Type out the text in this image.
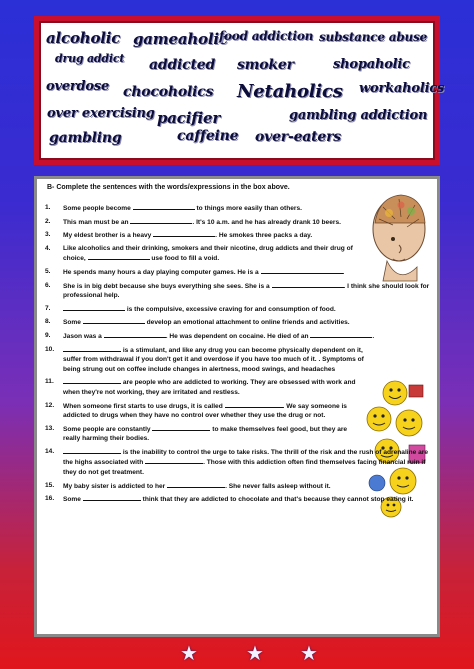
alcoholic gameaholic
food addiction substance abuse
drug addict addicted smoker	shopaholic
overdose chocoholics Netaholics workaholics
over exercising pacifier	gambling addiction
gambling	caffeine over-eaters
B- Complete the sentences with the words/expressions in the box above.
1. Some people become	to things more easily than others.
2. This man must be an	. It's 10 a.m. and he has already drank 10 beers.
3. My eldest brother is a heavy	. He smokes three packs a day.
4. Like alcoholics and their drinking, smokers and their nicotine, drug addicts and their drug of choice,	use food to fill a void.
5. He spends many hours a day playing computer games. He is a	.
6. She is in big debt because she buys everything she sees. She is a	. I think she should look for professional help.
7.	is the compulsive, excessive craving for and consumption of food.
8. Some	develop an emotional attachment to online friends and activities.
9. Jason was a	. He was dependent on cocaine. He died of an	.
10.	is a stimulant, and like any drug you can become physically dependent on it, suffer from withdrawal if you don't get it and overdose if you have too much of it. . Symptoms of being strung out on coffee include changes in alertness, mood swings, and headaches
11.	are people who are addicted to working. They are obsessed with work and when they're not working, they are irritated and restless.
12. When someone first starts to use drugs, it is called	. We say someone is addicted to drugs when they have no control over whether they use the drug or not.
13. Some people are constantly	to make themselves feel good, but they are really harming their bodies.
14.	is the inability to control the urge to take risks. The thrill of the risk and the rush of adrenaline are the highs associated with	. Those with this addiction often find themselves facing financial ruin if they do not get treatment.
15. My baby sister is addicted to her	. She never falls asleep without it.
16. Some	think that they are addicted to chocolate and that's because they cannot stop eating it.
★ ★ ★
